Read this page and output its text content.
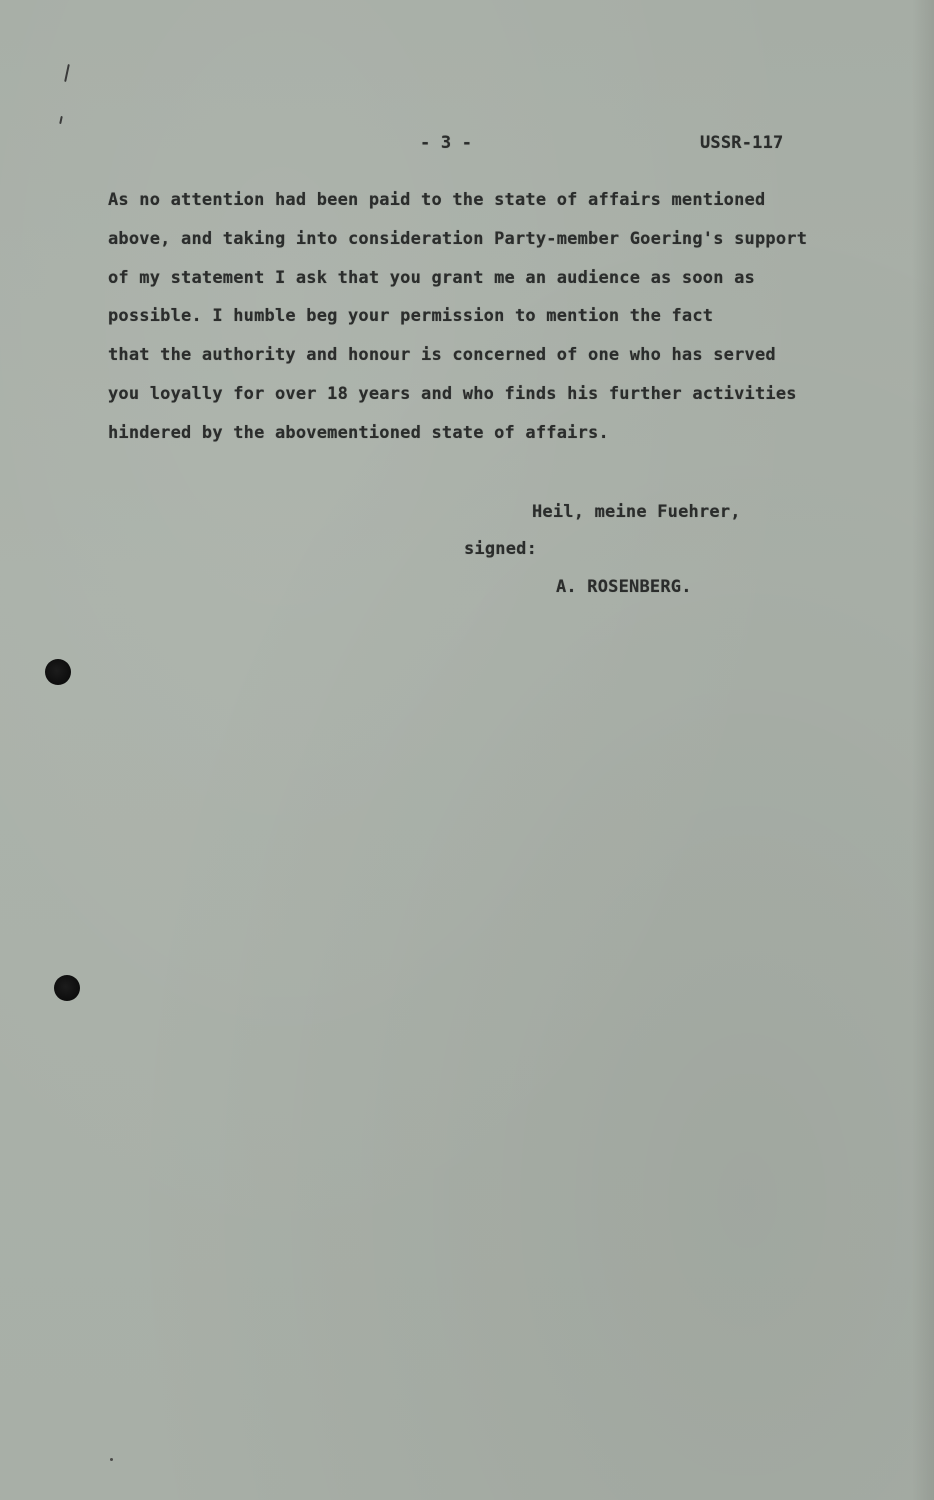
- 3 -	USSR-117
As no attention had been paid to the state of affairs mentioned
above, and taking into consideration Party-member Goering's support
of my statement I ask that you grant me an audience as soon as
possible. I humble beg your permission to mention the fact
that the authority and honour is concerned of one who has served
you loyally for over 18 years and who finds his further activities
hindered by the abovementioned state of affairs.
Heil, meine Fuehrer,
signed:
A. ROSENBERG.
